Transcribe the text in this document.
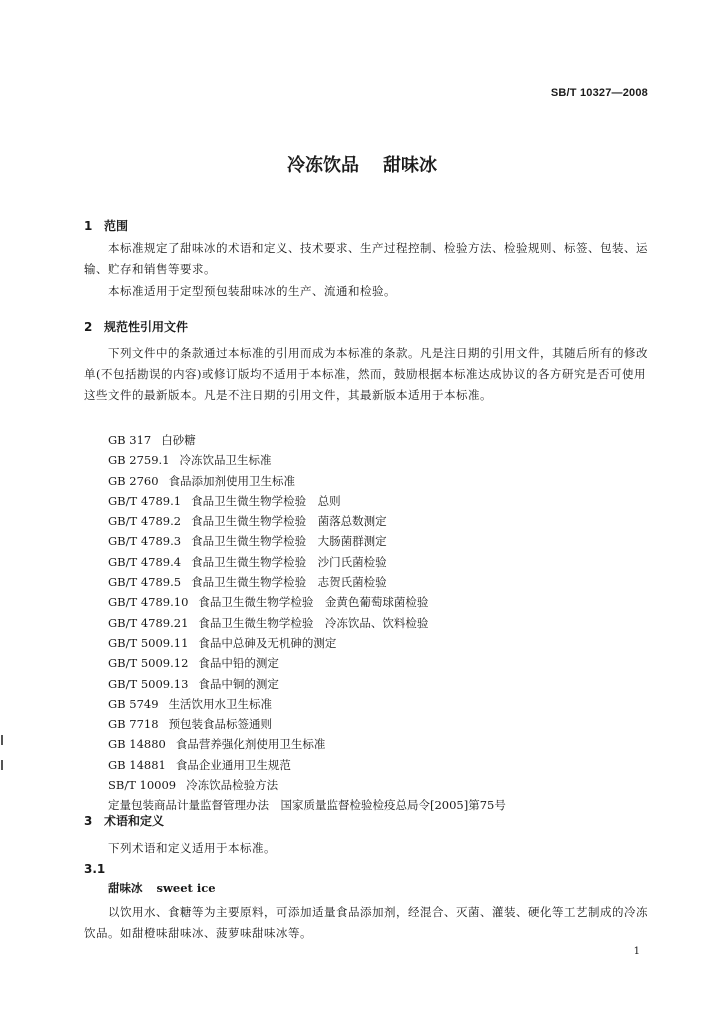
SB/T 10327—2008
冷冻饮品 甜味冰
1 范围
本标准规定了甜味冰的术语和定义、技术要求、生产过程控制、检验方法、检验规则、标签、包装、运输、贮存和销售等要求。
本标准适用于定型预包装甜味冰的生产、流通和检验。
2 规范性引用文件
下列文件中的条款通过本标准的引用而成为本标准的条款。凡是注日期的引用文件，其随后所有的修改单(不包括勘误的内容)或修订版均不适用于本标准，然而，鼓励根据本标准达成协议的各方研究是否可使用这些文件的最新版本。凡是不注日期的引用文件，其最新版本适用于本标准。
GB 317 白砂糖
GB 2759.1 冷冻饮品卫生标准
GB 2760 食品添加剂使用卫生标准
GB/T 4789.1 食品卫生微生物学检验　总则
GB/T 4789.2 食品卫生微生物学检验　菌落总数测定
GB/T 4789.3 食品卫生微生物学检验　大肠菌群测定
GB/T 4789.4 食品卫生微生物学检验　沙门氏菌检验
GB/T 4789.5 食品卫生微生物学检验　志贺氏菌检验
GB/T 4789.10 食品卫生微生物学检验　金黄色葡萄球菌检验
GB/T 4789.21 食品卫生微生物学检验　冷冻饮品、饮料检验
GB/T 5009.11 食品中总砷及无机砷的测定
GB/T 5009.12 食品中铅的测定
GB/T 5009.13 食品中铜的测定
GB 5749 生活饮用水卫生标准
GB 7718 预包装食品标签通则
GB 14880 食品营养强化剂使用卫生标准
GB 14881 食品企业通用卫生规范
SB/T 10009 冷冻饮品检验方法
定量包装商品计量监督管理办法　国家质量监督检验检疫总局令[2005]第75号
3 术语和定义
下列术语和定义适用于本标准。
3.1
甜味冰 sweet ice
以饮用水、食糖等为主要原料，可添加适量食品添加剂，经混合、灭菌、灌装、硬化等工艺制成的冷冻饮品。如甜橙味甜味冰、菠萝味甜味冰等。
1
